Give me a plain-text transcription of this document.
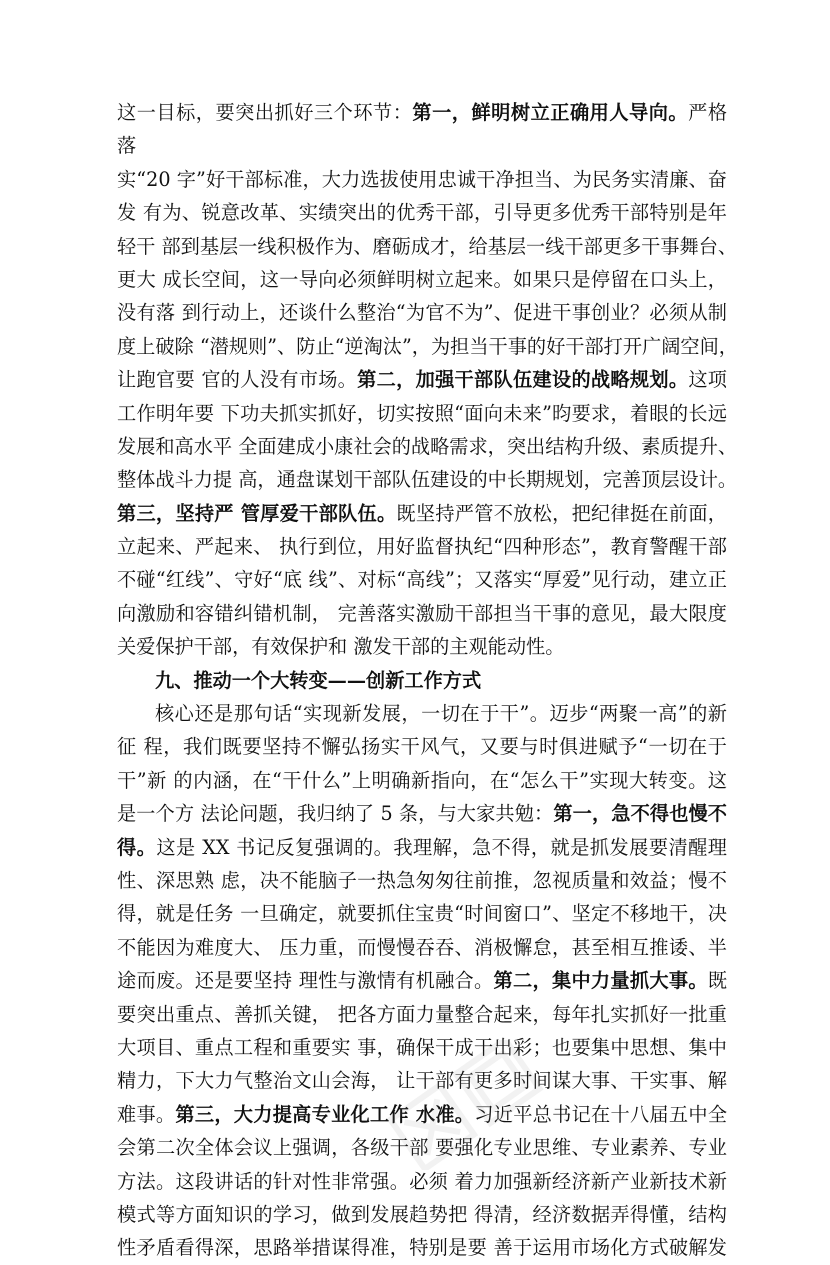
这一目标，要突出抓好三个环节：第一，鲜明树立正确用人导向。严格
落
实“20 字”好干部标准，大力选拔使用忠诚干净担当、为民务实清廉、奋
发 有为、锐意改革、实绩突出的优秀干部，引导更多优秀干部特别是年
轻干 部到基层一线积极作为、磨砺成才，给基层一线干部更多干事舞台、
更大 成长空间，这一导向必须鲜明树立起来。如果只是停留在口头上，
没有落 到行动上，还谈什么整治“为官不为”、促进干事创业？必须从制
度上破除 “潜规则”、防止“逆淘汰”，为担当干事的好干部打开广阔空间，
让跑官要 官的人没有市场。第二，加强干部队伍建设的战略规划。这项
工作明年要 下功夫抓实抓好，切实按照“面向未来”昀要求，着眼的长远
发展和高水平 全面建成小康社会的战略需求，突出结构升级、素质提升、
整体战斗力提 高，通盘谋划干部队伍建设的中长期规划，完善顶层设计。
第三，坚持严 管厚爱干部队伍。既坚持严管不放松，把纪律挺在前面，
立起来、严起来、 执行到位，用好监督执纪“四种形态”，教育警醒干部
不碰“红线”、守好“底 线”、对标“高线”；又落实“厚爱”见行动，建立正
向激励和容错纠错机制， 完善落实激励干部担当干事的意见，最大限度
关爱保护干部，有效保护和 激发干部的主观能动性。
九、推动一个大转变——创新工作方式
核心还是那句话“实现新发展，一切在于干”。迈步“两聚一高”的新
征 程，我们既要坚持不懈弘扬实干风气，又要与时俱进赋予“一切在于
干”新 的内涵，在“干什么”上明确新指向，在“怎么干”实现大转变。这
是一个方 法论问题，我归纳了 5 条，与大家共勉：第一，急不得也慢不
得。这是 XX 书记反复强调的。我理解，急不得，就是抓发展要清醒理
性、深思熟 虑，决不能脑子一热急匆匆往前推，忽视质量和效益；慢不
得，就是任务 一旦确定，就要抓住宝贵“时间窗口”、坚定不移地干，决
不能因为难度大、 压力重，而慢慢吞吞、消极懈怠，甚至相互推诿、半
途而废。还是要坚持 理性与激情有机融合。第二，集中力量抓大事。既
要突出重点、善抓关键， 把各方面力量整合起来，每年扎实抓好一批重
大项目、重点工程和重要实 事，确保干成干出彩；也要集中思想、集中
精力，下大力气整治文山会海， 让干部有更多时间谋大事、干实事、解
难事。第三，大力提高专业化工作 水准。习近平总书记在十八届五中全
会第二次全体会议上强调，各级干部 要强化专业思维、专业素养、专业
方法。这段讲话的针对性非常强。必须 着力加强新经济新产业新技术新
模式等方面知识的学习，做到发展趋势把 得清，经济数据弄得懂，结构
性矛盾看得深，思路举措谋得准，特别是要 善于运用市场化方式破解发
